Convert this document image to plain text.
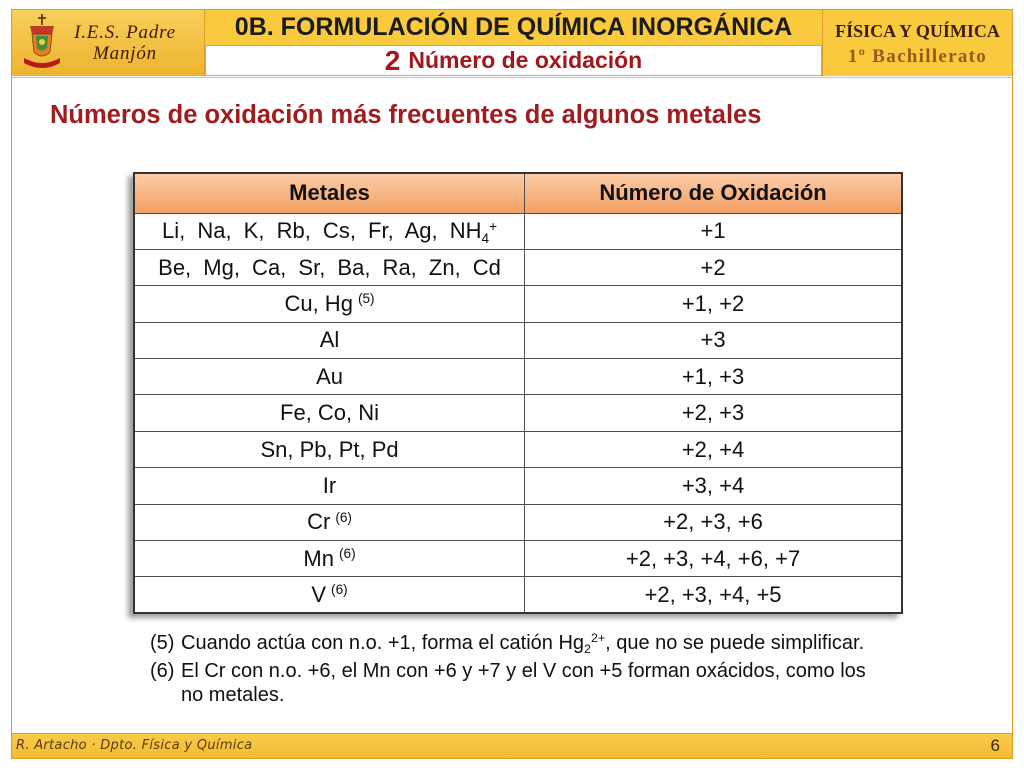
I.E.S. Padre
Manjón
0B. FORMULACIÓN DE QUÍMICA INORGÁNICA
2 Número de oxidación
FÍSICA Y QUÍMICA
1º Bachillerato
Números de oxidación más frecuentes de algunos metales
Metales	Número de Oxidación
Li, Na, K, Rb, Cs, Fr, Ag, $NH_4^+$	+1
Be, Mg, Ca, Sr, Ba, Ra, Zn, Cd	+2
Cu, Hg $^{(5)}$	+1, +2
Al	+3
Au	+1, +3
Fe, Co, Ni	+2, +3
Sn, Pb, Pt, Pd	+2, +4
Ir	+3, +4
Cr $^{(6)}$	+2, +3, +6
Mn $^{(6)}$	+2, +3, +4, +6, +7
V $^{(6)}$	+2, +3, +4, +5
(5) Cuando actúa con n.o. +1, forma el catión $Hg_2^{2+}$, que no se puede simplificar.
(6) El Cr con n.o. +6, el Mn con +6 y +7 y el V con +5 forman oxácidos, como los no metales.
R. Artacho · Dpto. Física y Química	6
